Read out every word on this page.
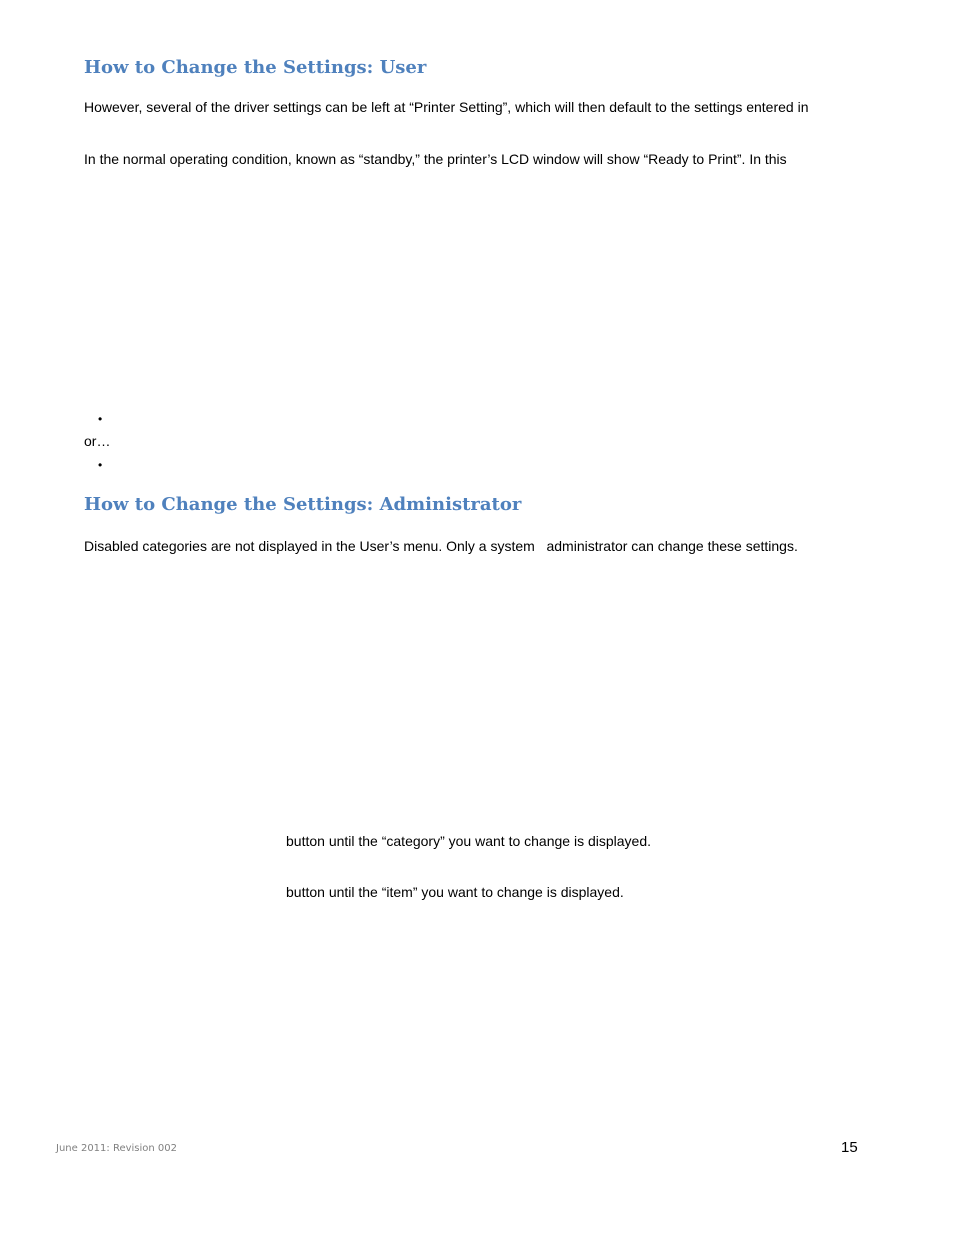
How to Change the Settings: User

However, several of the driver settings can be left at “Printer Setting”, which will then default to the settings entered in

In the normal operating condition, known as “standby,” the printer’s LCD window will show “Ready to Print”. In this

•

or…

•
How to Change the Settings: Administrator

Disabled categories are not displayed in the User’s menu. Only a system   administrator can change these settings.

button until the “category” you want to change is displayed.

button until the “item” you want to change is displayed.

June 2011: Revision 002	15
